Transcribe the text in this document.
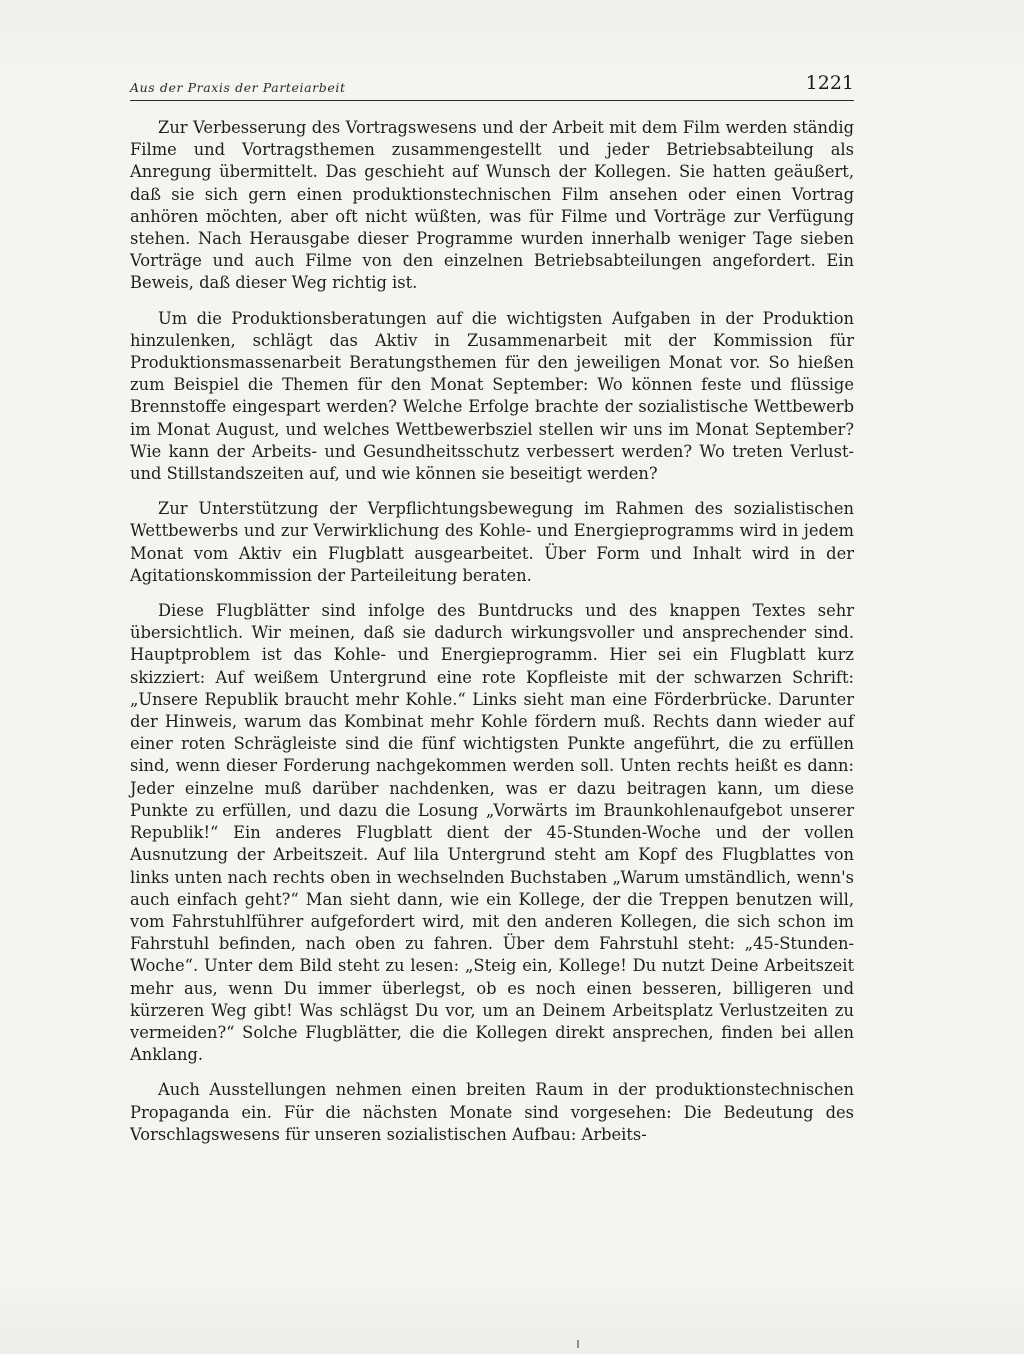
Aus der Praxis der Parteiarbeit	1221

Zur Verbesserung des Vortragswesens und der Arbeit mit dem Film werden ständig Filme und Vortragsthemen zusammengestellt und jeder Betriebsabteilung als Anregung übermittelt. Das geschieht auf Wunsch der Kollegen. Sie hatten geäußert, daß sie sich gern einen produktionstechnischen Film ansehen oder einen Vortrag anhören möchten, aber oft nicht wüßten, was für Filme und Vorträge zur Verfügung stehen. Nach Herausgabe dieser Programme wurden innerhalb weniger Tage sieben Vorträge und auch Filme von den einzelnen Betriebsabteilungen angefordert. Ein Beweis, daß dieser Weg richtig ist.

Um die Produktionsberatungen auf die wichtigsten Aufgaben in der Produktion hinzulenken, schlägt das Aktiv in Zusammenarbeit mit der Kommission für Produktionsmassenarbeit Beratungsthemen für den jeweiligen Monat vor. So hießen zum Beispiel die Themen für den Monat September: Wo können feste und flüssige Brennstoffe eingespart werden? Welche Erfolge brachte der sozialistische Wettbewerb im Monat August, und welches Wettbewerbsziel stellen wir uns im Monat September? Wie kann der Arbeits- und Gesundheitsschutz verbessert werden? Wo treten Verlust- und Stillstandszeiten auf, und wie können sie beseitigt werden?

Zur Unterstützung der Verpflichtungsbewegung im Rahmen des sozialistischen Wettbewerbs und zur Verwirklichung des Kohle- und Energieprogramms wird in jedem Monat vom Aktiv ein Flugblatt ausgearbeitet. Über Form und Inhalt wird in der Agitationskommission der Parteileitung beraten.

Diese Flugblätter sind infolge des Buntdrucks und des knappen Textes sehr übersichtlich. Wir meinen, daß sie dadurch wirkungsvoller und ansprechender sind. Hauptproblem ist das Kohle- und Energieprogramm. Hier sei ein Flugblatt kurz skizziert: Auf weißem Untergrund eine rote Kopfleiste mit der schwarzen Schrift: „Unsere Republik braucht mehr Kohle.“ Links sieht man eine Förderbrücke. Darunter der Hinweis, warum das Kombinat mehr Kohle fördern muß. Rechts dann wieder auf einer roten Schrägleiste sind die fünf wichtigsten Punkte angeführt, die zu erfüllen sind, wenn dieser Forderung nachgekommen werden soll. Unten rechts heißt es dann: Jeder einzelne muß darüber nachdenken, was er dazu beitragen kann, um diese Punkte zu erfüllen, und dazu die Losung „Vorwärts im Braunkohlenaufgebot unserer Republik!“ Ein anderes Flugblatt dient der 45-Stunden-Woche und der vollen Ausnutzung der Arbeitszeit. Auf lila Untergrund steht am Kopf des Flugblattes von links unten nach rechts oben in wechselnden Buchstaben „Warum umständlich, wenn's auch einfach geht?“ Man sieht dann, wie ein Kollege, der die Treppen benutzen will, vom Fahrstuhlführer aufgefordert wird, mit den anderen Kollegen, die sich schon im Fahrstuhl befinden, nach oben zu fahren. Über dem Fahrstuhl steht: „45-Stunden-Woche“. Unter dem Bild steht zu lesen: „Steig ein, Kollege! Du nutzt Deine Arbeitszeit mehr aus, wenn Du immer überlegst, ob es noch einen besseren, billigeren und kürzeren Weg gibt! Was schlägst Du vor, um an Deinem Arbeitsplatz Verlustzeiten zu vermeiden?“ Solche Flugblätter, die die Kollegen direkt ansprechen, finden bei allen Anklang.

Auch Ausstellungen nehmen einen breiten Raum in der produktionstechnischen Propaganda ein. Für die nächsten Monate sind vorgesehen: Die Bedeutung des Vorschlagswesens für unseren sozialistischen Aufbau: Arbeits-
